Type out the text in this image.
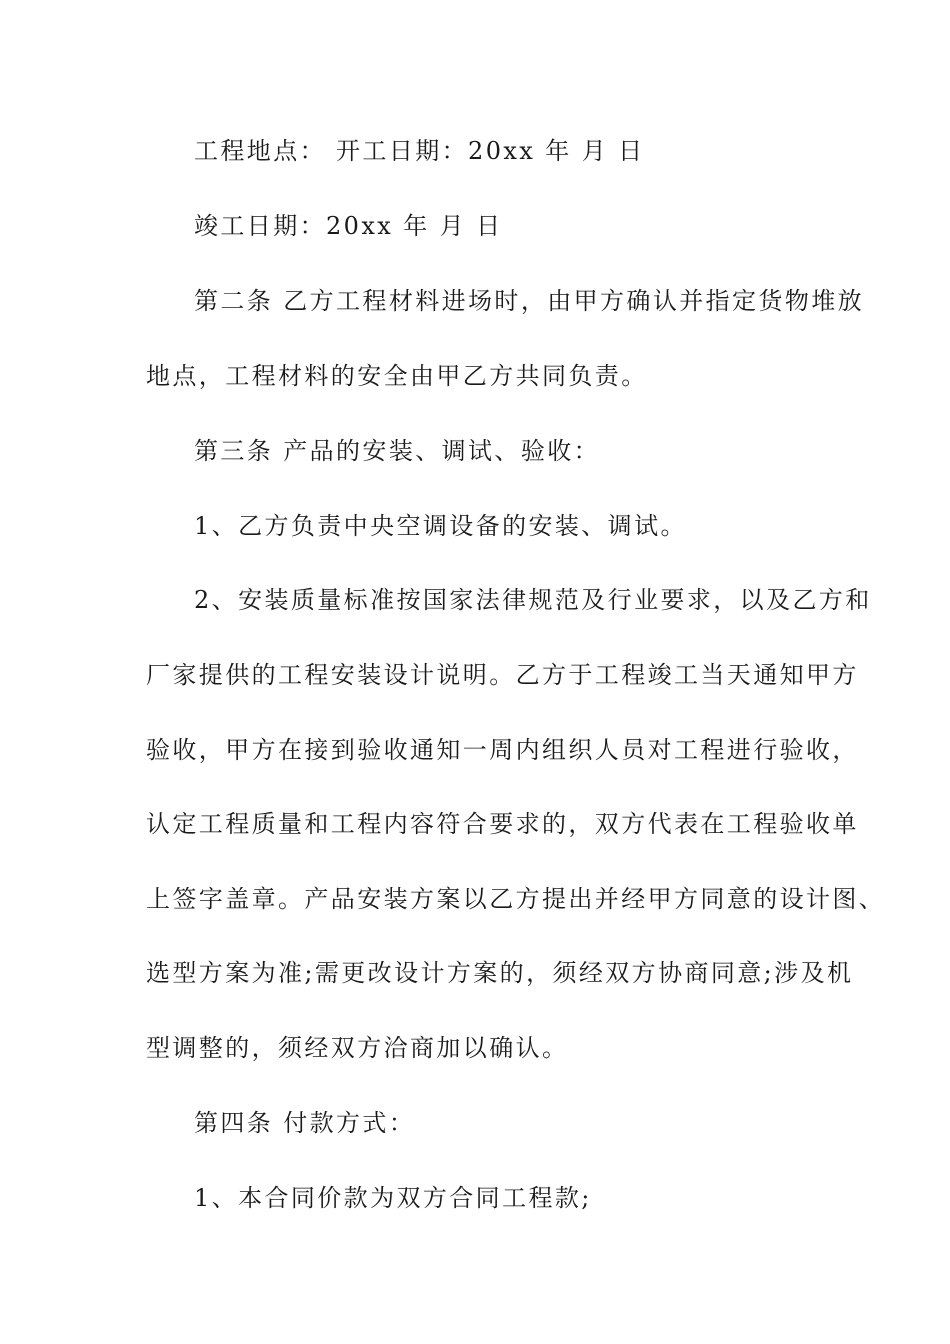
工程地点： 开工日期：20xx 年 月 日
竣工日期：20xx 年 月 日
第二条 乙方工程材料进场时，由甲方确认并指定货物堆放
地点，工程材料的安全由甲乙方共同负责。
第三条 产品的安装、调试、验收：
1、乙方负责中央空调设备的安装、调试。
2、安装质量标准按国家法律规范及行业要求，以及乙方和
厂家提供的工程安装设计说明。乙方于工程竣工当天通知甲方
验收，甲方在接到验收通知一周内组织人员对工程进行验收，
认定工程质量和工程内容符合要求的，双方代表在工程验收单
上签字盖章。产品安装方案以乙方提出并经甲方同意的设计图、
选型方案为准;需更改设计方案的，须经双方协商同意;涉及机
型调整的，须经双方洽商加以确认。
第四条 付款方式：
1、本合同价款为双方合同工程款;
